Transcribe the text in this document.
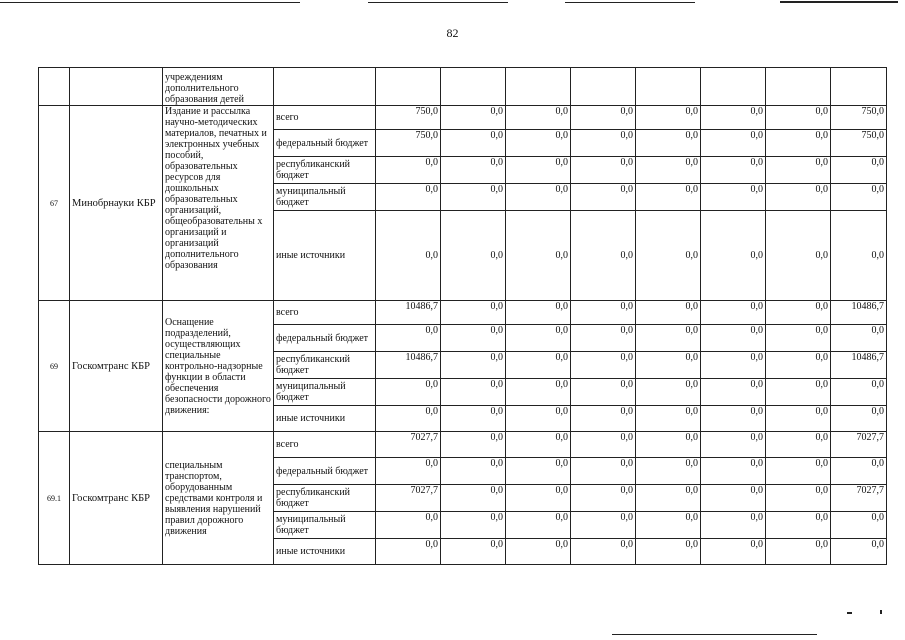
82
		учреждениям дополнительного образования детей									
67	Минобрнауки КБР	Издание и рассылка научно-методических материалов, печатных и электронных учебных пособий, образовательных ресурсов для дошкольных образовательных организаций, общеобразовательны х организаций и организаций дополнительного образования	всего	750,0	0,0	0,0	0,0	0,0	0,0	0,0	750,0
			федеральный бюджет	750,0	0,0	0,0	0,0	0,0	0,0	0,0	750,0
			республиканский бюджет	0,0	0,0	0,0	0,0	0,0	0,0	0,0	0,0
			муниципальный бюджет	0,0	0,0	0,0	0,0	0,0	0,0	0,0	0,0
			иные источники	0,0	0,0	0,0	0,0	0,0	0,0	0,0	0,0
69	Госкомтранс КБР	Оснащение подразделений, осуществляющих специальные контрольно-надзорные функции в области обеспечения безопасности дорожного движения:	всего	10486,7	0,0	0,0	0,0	0,0	0,0	0,0	10486,7
			федеральный бюджет	0,0	0,0	0,0	0,0	0,0	0,0	0,0	0,0
			республиканский бюджет	10486,7	0,0	0,0	0,0	0,0	0,0	0,0	10486,7
			муниципальный бюджет	0,0	0,0	0,0	0,0	0,0	0,0	0,0	0,0
			иные источники	0,0	0,0	0,0	0,0	0,0	0,0	0,0	0,0
69.1	Госкомтранс КБР	специальным транспортом, оборудованным средствами контроля и выявления нарушений правил дорожного движения	всего	7027,7	0,0	0,0	0,0	0,0	0,0	0,0	7027,7
			федеральный бюджет	0,0	0,0	0,0	0,0	0,0	0,0	0,0	0,0
			республиканский бюджет	7027,7	0,0	0,0	0,0	0,0	0,0	0,0	7027,7
			муниципальный бюджет	0,0	0,0	0,0	0,0	0,0	0,0	0,0	0,0
			иные источники	0,0	0,0	0,0	0,0	0,0	0,0	0,0	0,0
